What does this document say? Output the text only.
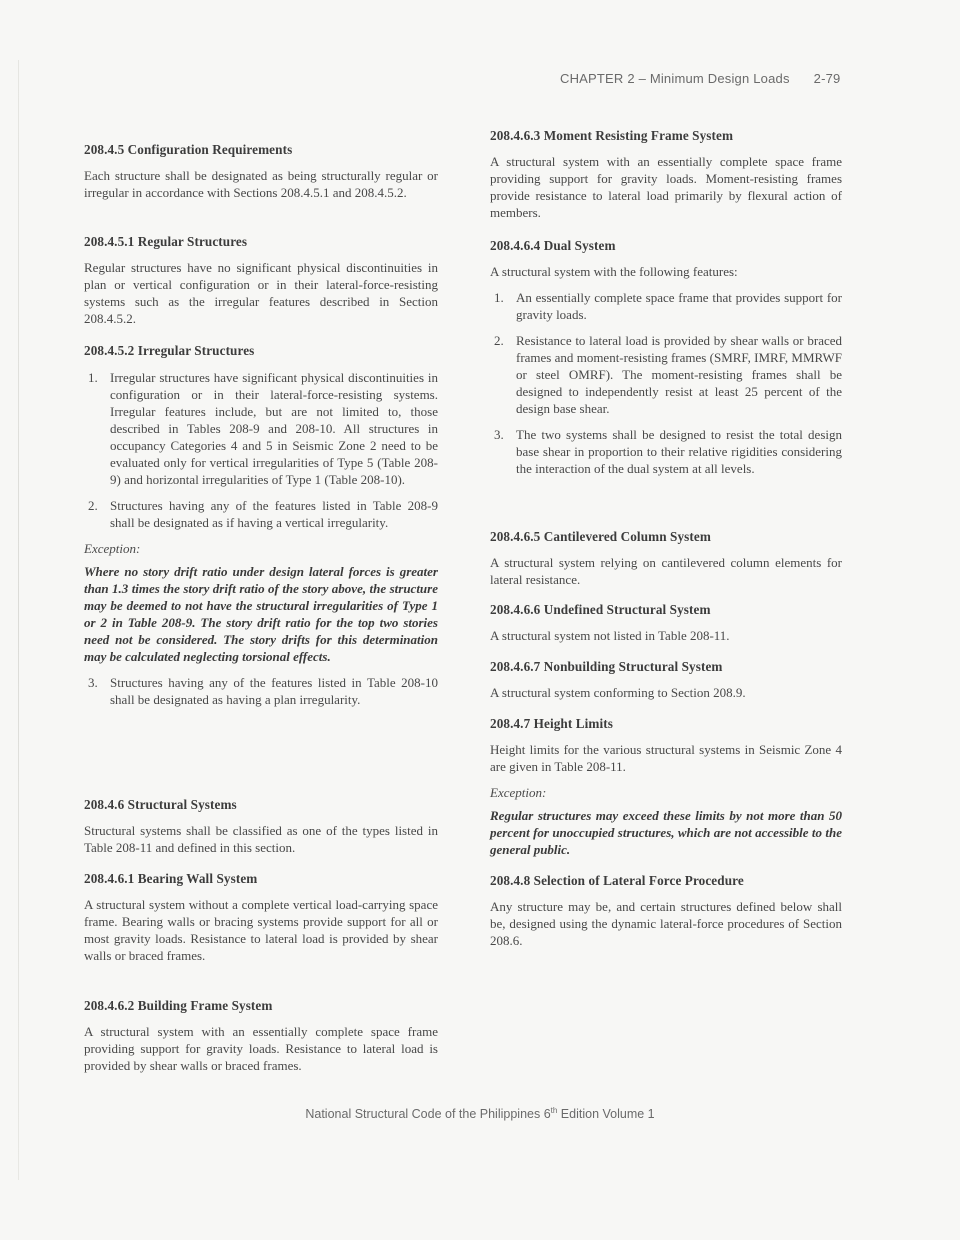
CHAPTER 2 – Minimum Design Loads 2-79
208.4.5 Configuration Requirements

Each structure shall be designated as being structurally regular or irregular in accordance with Sections 208.4.5.1 and 208.4.5.2.

208.4.5.1 Regular Structures

Regular structures have no significant physical discontinuities in plan or vertical configuration or in their lateral-force-resisting systems such as the irregular features described in Section 208.4.5.2.

208.4.5.2 Irregular Structures
1. Irregular structures have significant physical discontinuities in configuration or in their lateral-force-resisting systems. Irregular features include, but are not limited to, those described in Tables 208-9 and 208-10. All structures in occupancy Categories 4 and 5 in Seismic Zone 2 need to be evaluated only for vertical irregularities of Type 5 (Table 208-9) and horizontal irregularities of Type 1 (Table 208-10).
2. Structures having any of the features listed in Table 208-9 shall be designated as if having a vertical irregularity.

Exception:

Where no story drift ratio under design lateral forces is greater than 1.3 times the story drift ratio of the story above, the structure may be deemed to not have the structural irregularities of Type 1 or 2 in Table 208-9. The story drift ratio for the top two stories need not be considered. The story drifts for this determination may be calculated neglecting torsional effects.

3. Structures having any of the features listed in Table 208-10 shall be designated as having a plan irregularity.
208.4.6 Structural Systems

Structural systems shall be classified as one of the types listed in Table 208-11 and defined in this section.

208.4.6.1 Bearing Wall System

A structural system without a complete vertical load-carrying space frame. Bearing walls or bracing systems provide support for all or most gravity loads. Resistance to lateral load is provided by shear walls or braced frames.

208.4.6.2 Building Frame System

A structural system with an essentially complete space frame providing support for gravity loads. Resistance to lateral load is provided by shear walls or braced frames.

208.4.6.3 Moment Resisting Frame System

A structural system with an essentially complete space frame providing support for gravity loads. Moment-resisting frames provide resistance to lateral load primarily by flexural action of members.

208.4.6.4 Dual System

A structural system with the following features:

1. An essentially complete space frame that provides support for gravity loads.
2. Resistance to lateral load is provided by shear walls or braced frames and moment-resisting frames (SMRF, IMRF, MMRWF or steel OMRF). The moment-resisting frames shall be designed to independently resist at least 25 percent of the design base shear.
3. The two systems shall be designed to resist the total design base shear in proportion to their relative rigidities considering the interaction of the dual system at all levels.
208.4.6.5 Cantilevered Column System

A structural system relying on cantilevered column elements for lateral resistance.

208.4.6.6 Undefined Structural System

A structural system not listed in Table 208-11.

208.4.6.7 Nonbuilding Structural System

A structural system conforming to Section 208.9.

208.4.7 Height Limits

Height limits for the various structural systems in Seismic Zone 4 are given in Table 208-11.

Exception:

Regular structures may exceed these limits by not more than 50 percent for unoccupied structures, which are not accessible to the general public.

208.4.8 Selection of Lateral Force Procedure

Any structure may be, and certain structures defined below shall be, designed using the dynamic lateral-force procedures of Section 208.6.

National Structural Code of the Philippines 6th Edition Volume 1
